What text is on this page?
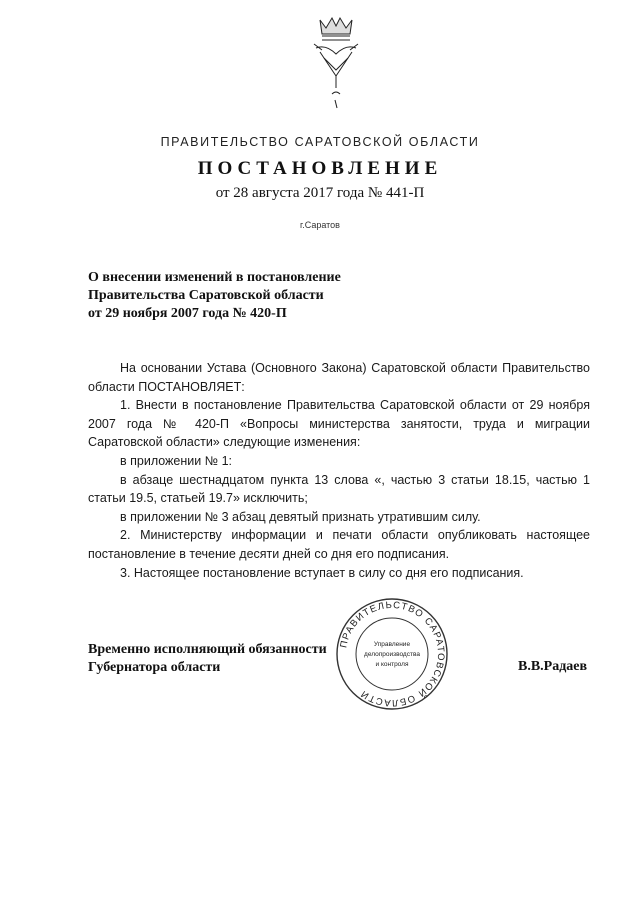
ПРАВИТЕЛЬСТВО САРАТОВСКОЙ ОБЛАСТИ
ПОСТАНОВЛЕНИЕ
от 28 августа 2017 года № 441-П
г.Саратов
О внесении изменений в постановление
Правительства Саратовской области
от 29 ноября 2007 года № 420-П

На основании Устава (Основного Закона) Саратовской области Правительство области ПОСТАНОВЛЯЕТ:

1. Внести в постановление Правительства Саратовской области от 29 ноября 2007 года № 420-П «Вопросы министерства занятости, труда и миграции Саратовской области» следующие изменения:

в приложении № 1:

в абзаце шестнадцатом пункта 13 слова «, частью 3 статьи 18.15, частью 1 статьи 19.5, статьей 19.7» исключить;

в приложении № 3 абзац девятый признать утратившим силу.

2. Министерству информации и печати области опубликовать настоящее постановление в течение десяти дней со дня его подписания.

3. Настоящее постановление вступает в силу со дня его подписания.

Временно исполняющий обязанности
Губернатора области	В.В.Радаев
ПРАВИТЕЛЬСТВО САРАТОВСКОЙ ОБЛАСТИ
Управление
делопроизводства
и контроля
